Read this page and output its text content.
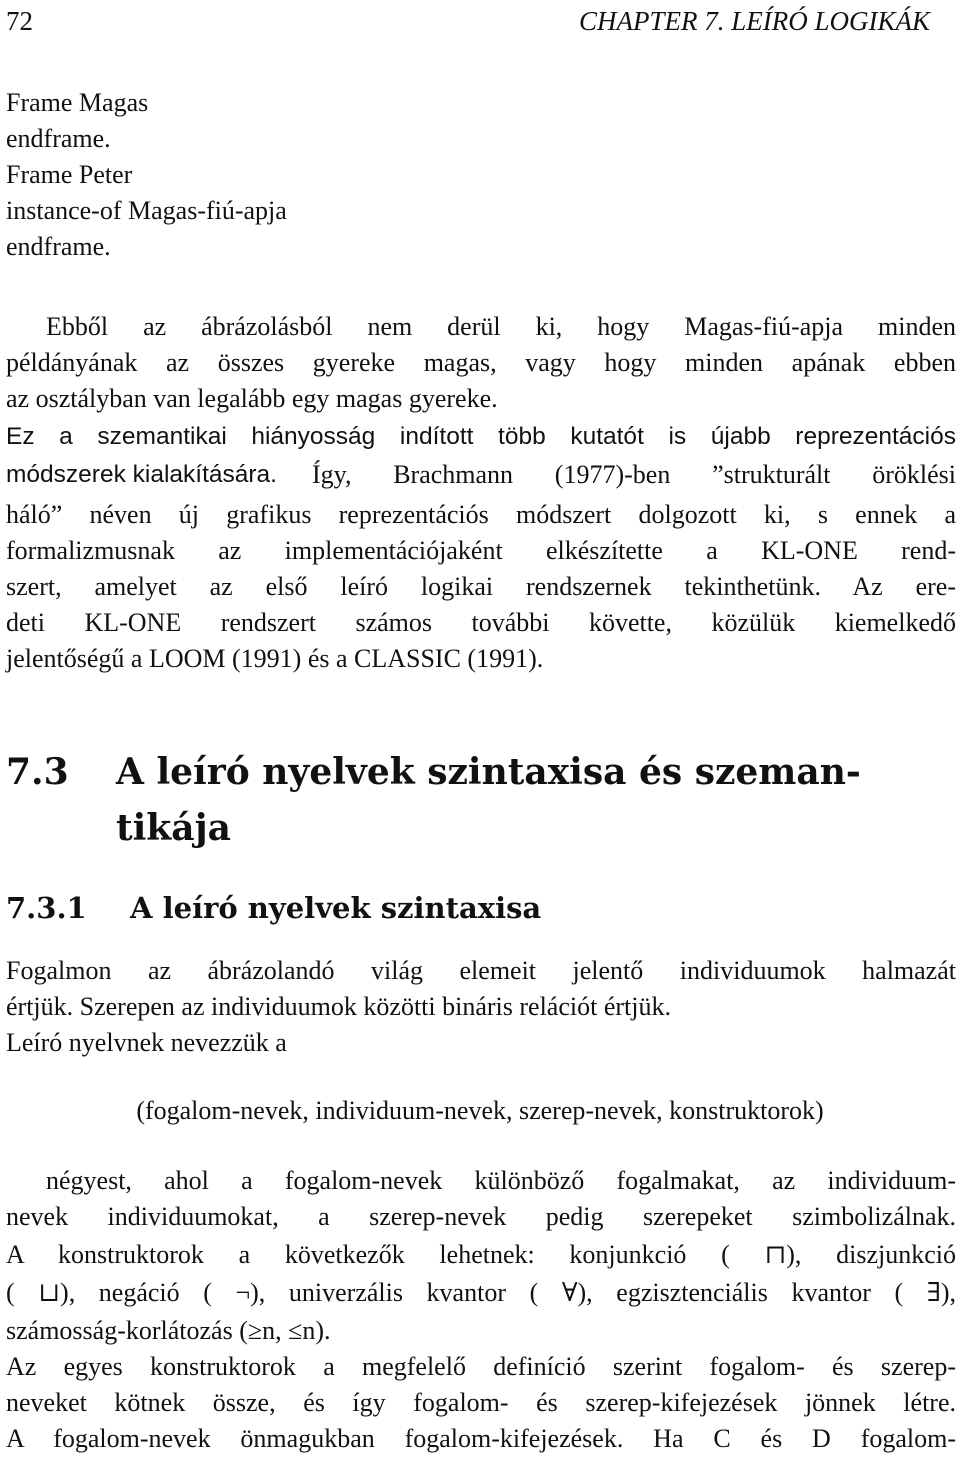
72	CHAPTER 7. LEÍRÓ LOGIKÁK
Frame Magas
endframe.
Frame Peter
instance-of Magas-fiú-apja
endframe.
Ebből az ábrázolásból nem derül ki, hogy Magas-fiú-apja minden
példányának az összes gyereke magas, vagy hogy minden apának ebben
az osztályban van legalább egy magas gyereke.
Ez a szemantikai hiányosság indított több kutatót is újabb reprezentációs
módszerek kialakítására. Így, Brachmann (1977)-ben ”strukturált öröklési
háló” néven új grafikus reprezentációs módszert dolgozott ki, s ennek a
formalizmusnak az implementációjaként elkészítette a KL-ONE rend-
szert, amelyet az első leíró logikai rendszernek tekinthetünk. Az ere-
deti KL-ONE rendszert számos további követte, közülük kiemelkedő
jelentőségű a LOOM (1991) és a CLASSIC (1991).
7.3 A leíró nyelvek szintaxisa és szeman-
tikája
7.3.1 A leíró nyelvek szintaxisa
Fogalmon az ábrázolandó világ elemeit jelentő individuumok halmazát
értjük. Szerepen az individuumok közötti bináris relációt értjük.
Leíró nyelvnek nevezzük a
(fogalom-nevek, individuum-nevek, szerep-nevek, konstruktorok)
négyest, ahol a fogalom-nevek különböző fogalmakat, az individuum-
nevek individuumokat, a szerep-nevek pedig szerepeket szimbolizálnak.
A konstruktorok a következők lehetnek: konjunkció ( ⊓), diszjunkció
( ⊔), negáció ( ¬), univerzális kvantor ( ∀), egzisztenciális kvantor ( ∃),
számosság-korlátozás (≥n, ≤n).
Az egyes konstruktorok a megfelelő definíció szerint fogalom- és szerep-
neveket kötnek össze, és így fogalom- és szerep-kifejezések jönnek létre.
A fogalom-nevek önmagukban fogalom-kifejezések. Ha C és D fogalom-
